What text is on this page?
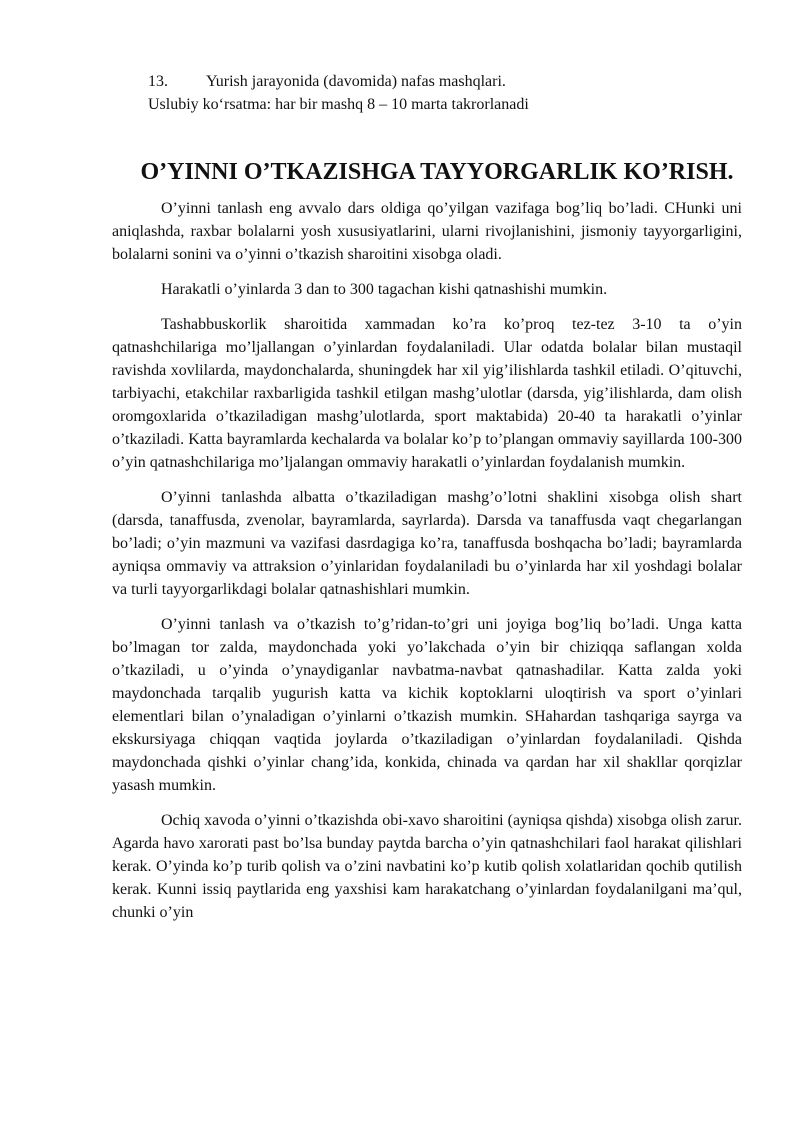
13. Yurish jarayonida (davomida) nafas mashqlari.

Uslubiy koʻrsatma: har bir mashq 8 – 10 marta takrorlanadi

O’YINNI O’TKAZISHGA TAYYORGARLIK KO’RISH.

O’yinni tanlash eng avvalo dars oldiga qo’yilgan vazifaga bog’liq bo’ladi. CHunki uni aniqlashda, raxbar bolalarni yosh xususiyatlarini, ularni rivojlanishini, jismoniy tayyorgarligini, bolalarni sonini va o’yinni o’tkazish sharoitini xisobga oladi.

Harakatli o’yinlarda 3 dan to 300 tagachan kishi qatnashishi mumkin.

Tashabbuskorlik sharoitida xammadan ko’ra ko’proq tez-tez 3-10 ta o’yin qatnashchilariga mo’ljallangan o’yinlardan foydalaniladi. Ular odatda bolalar bilan mustaqil ravishda xovlilarda, maydonchalarda, shuningdek har xil yig’ilishlarda tashkil etiladi. O’qituvchi, tarbiyachi, etakchilar raxbarligida tashkil etilgan mashg’ulotlar (darsda, yig’ilishlarda, dam olish oromgoxlarida o’tkaziladigan mashg’ulotlarda, sport maktabida) 20-40 ta harakatli o’yinlar o’tkaziladi. Katta bayramlarda kechalarda va bolalar ko’p to’plangan ommaviy sayillarda 100-300 o’yin qatnashchilariga mo’ljalangan ommaviy harakatli o’yinlardan foydalanish mumkin.

O’yinni tanlashda albatta o’tkaziladigan mashg’o’lotni shaklini xisobga olish shart (darsda, tanaffusda, zvenolar, bayramlarda, sayrlarda). Darsda va tanaffusda vaqt chegarlangan bo’ladi; o’yin mazmuni va vazifasi dasrdagiga ko’ra, tanaffusda boshqacha bo’ladi; bayramlarda ayniqsa ommaviy va attraksion o’yinlaridan foydalaniladi bu o’yinlarda har xil yoshdagi bolalar va turli tayyorgarlikdagi bolalar qatnashishlari mumkin.

O’yinni tanlash va o’tkazish to’g’ridan-to’gri uni joyiga bog’liq bo’ladi. Unga katta bo’lmagan tor zalda, maydonchada yoki yo’lakchada o’yin bir chiziqqa saflangan xolda o’tkaziladi, u o’yinda o’ynaydiganlar navbatma-navbat qatnashadilar. Katta zalda yoki maydonchada tarqalib yugurish katta va kichik koptoklarni uloqtirish va sport o’yinlari elementlari bilan o’ynaladigan o’yinlarni o’tkazish mumkin. SHahardan tashqariga sayrga va ekskursiyaga chiqqan vaqtida joylarda o’tkaziladigan o’yinlardan foydalaniladi. Qishda maydonchada qishki o’yinlar chang’ida, konkida, chinada va qardan har xil shakllar qorqizlar yasash mumkin.

Ochiq xavoda o’yinni o’tkazishda obi-xavo sharoitini (ayniqsa qishda) xisobga olish zarur. Agarda havo xarorati past bo’lsa bunday paytda barcha o’yin qatnashchilari faol harakat qilishlari kerak. O’yinda ko’p turib qolish va o’zini navbatini ko’p kutib qolish xolatlaridan qochib qutilish kerak. Kunni issiq paytlarida eng yaxshisi kam harakatchang o’yinlardan foydalanilgani ma’qul, chunki o’yin
